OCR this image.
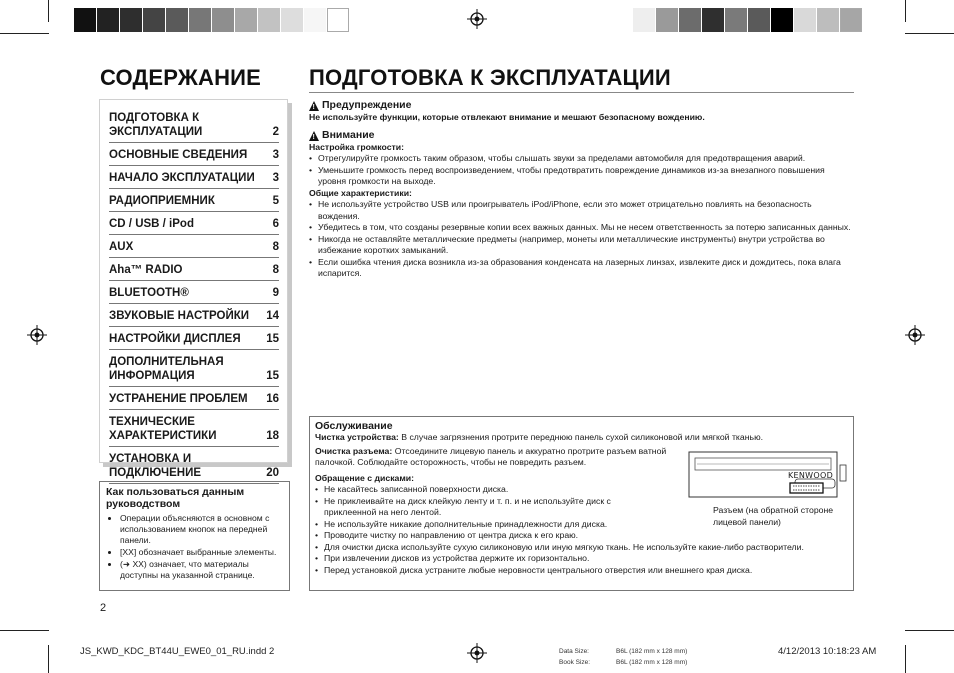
СОДЕРЖАНИЕ ПОДГОТОВКА К ЭКСПЛУАТАЦИИ
ПОДГОТОВКА К
ЭКСПЛУАТАЦИИ	2
ОСНОВНЫЕ СВЕДЕНИЯ 3
НАЧАЛО ЭКСПЛУАТАЦИИ 3
РАДИОПРИЕМНИК	5
CD / USB / iPod	6
AUX	8
Aha™ RADIO	8
BLUETOOTH®	9
ЗВУКОВЫЕ НАСТРОЙКИ 14
НАСТРОЙКИ ДИСПЛЕЯ 15
ДОПОЛНИТЕЛЬНАЯ
ИНФОРМАЦИЯ	15
УСТРАНЕНИЕ ПРОБЛЕМ 16
ТЕХНИЧЕСКИЕ
ХАРАКТЕРИСТИКИ	18
УСТАНОВКА И
ПОДКЛЮЧЕНИЕ	20
Как пользоваться данным руководством
• Операции объясняются в основном с использованием кнопок на передней панели.
• [XX] обозначает выбранные элементы.
• (➜ XX) означает, что материалы доступны на указанной странице.
!
Предупреждение
Не используйте функции, которые отвлекают внимание и мешают безопасному вождению.
!
Внимание
Настройка громкости:
• Отрегулируйте громкость таким образом, чтобы слышать звуки за пределами автомобиля для предотвращения аварий.
• Уменьшите громкость перед воспроизведением, чтобы предотвратить повреждение динамиков из-за внезапного повышения уровня громкости на выходе.
Общие характеристики:
• Не используйте устройство USB или проигрыватель iPod/iPhone, если это может отрицательно повлиять на безопасность вождения.
• Убедитесь в том, что созданы резервные копии всех важных данных. Мы не несем ответственность за потерю записанных данных.
• Никогда не оставляйте металлические предметы (например, монеты или металлические инструменты) внутри устройства во избежание коротких замыканий.
• Если ошибка чтения диска возникла из-за образования конденсата на лазерных линзах, извлеките диск и дождитесь, пока влага испарится.
Обслуживание
Чистка устройства: В случае загрязнения протрите переднюю панель сухой силиконовой или мягкой тканью.
Очистка разъема: Отсоедините лицевую панель и аккуратно протрите разъем ватной палочкой. Соблюдайте осторожность, чтобы не повредить разъем.
Обращение с дисками:
• Не касайтесь записанной поверхности диска.
• Не приклеивайте на диск клейкую ленту и т. п. и не используйте диск с приклеенной на него лентой.
• Не используйте никакие дополнительные принадлежности для диска.
• Проводите чистку по направлению от центра диска к его краю.
• Для очистки диска используйте сухую силиконовую или иную мягкую ткань. Не используйте какие-либо растворители.
• При извлечении дисков из устройства держите их горизонтально.
• Перед установкой диска устраните любые неровности центрального отверстия или внешнего края диска.
KENWOOD
Разъем (на обратной стороне лицевой панели)
2
JS_KWD_KDC_BT44U_EWE0_01_RU.indd 2	Data Size:	B6L (182 mm x 128 mm)
Book Size:	B6L (182 mm x 128 mm)
4/12/2013 10:18:23 AM
